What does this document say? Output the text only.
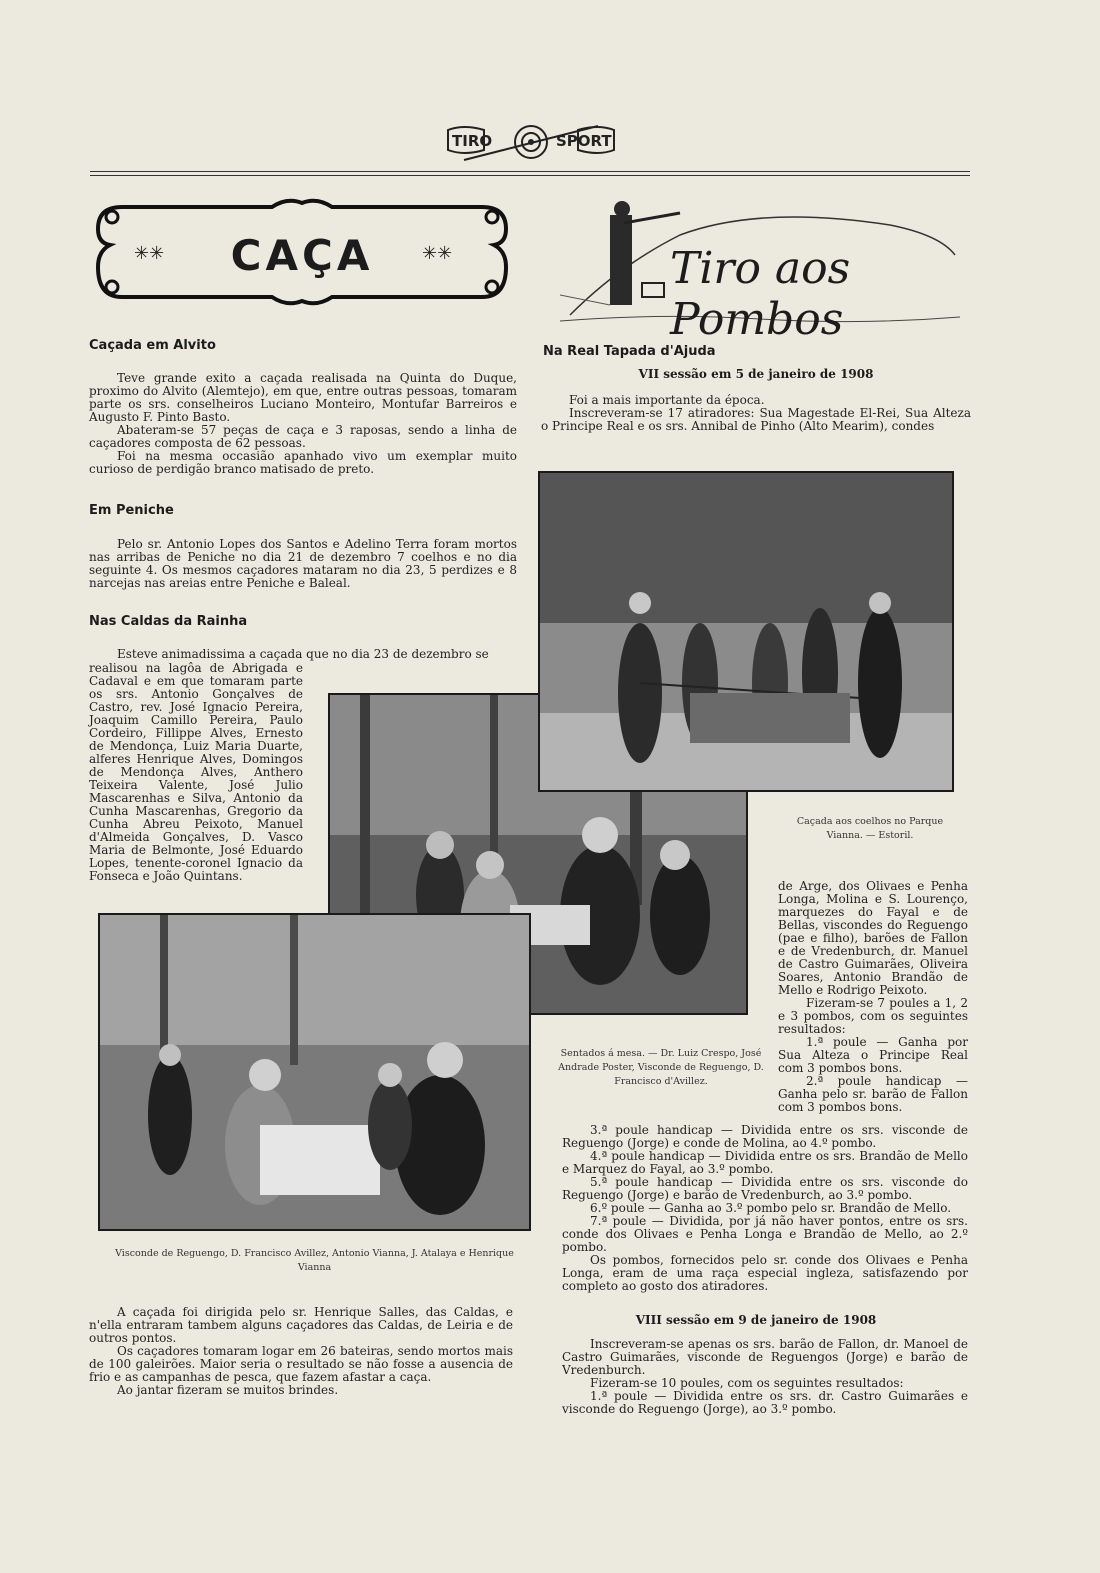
TIRO	SPORT
✳✳	✳✳
CAÇA	Tiro aos Pombos
Caçada em Alvito
Teve grande exito a caçada realisada na Quinta do Duque, proximo do Alvito (Alemtejo), em que, entre outras pessoas, tomaram parte os srs. conselheiros Luciano Monteiro, Montufar Barreiros e Augusto F. Pinto Basto.
Abateram-se 57 peças de caça e 3 raposas, sendo a linha de caçadores composta de 62 pessoas.
Foi na mesma occasião apanhado vivo um exemplar muito curioso de perdigão branco matisado de preto.
Em Peniche
Pelo sr. Antonio Lopes dos Santos e Adelino Terra foram mortos nas arribas de Peniche no dia 21 de dezembro 7 coelhos e no dia seguinte 4. Os mesmos caçadores mataram no dia 23, 5 perdizes e 8 narcejas nas areias entre Peniche e Baleal.
Nas Caldas da Rainha
Esteve animadissima a caçada que no dia 23 de dezembro se
realisou na lagôa de Abrigada e Cadaval e em que tomaram parte os srs. Antonio Gonçalves de Castro, rev. José Ignacio Pereira, Joaquim Camillo Pereira, Paulo Cordeiro, Fillippe Alves, Ernesto de Mendonça, Luiz Maria Duarte, alferes Henrique Alves, Domingos de Mendonça Alves, Anthero Teixeira Valente, José Julio Mascarenhas e Silva, Antonio da Cunha Mascarenhas, Gregorio da Cunha Abreu Peixoto, Manuel d'Almeida Gonçalves, D. Vasco Maria de Belmonte, José Eduardo Lopes, tenente-coronel Ignacio da Fonseca e João Quintans.
Visconde de Reguengo, D. Francisco Avillez, Antonio Vianna, J. Atalaya e Henrique Vianna
A caçada foi dirigida pelo sr. Henrique Salles, das Caldas, e n'ella entraram tambem alguns caçadores das Caldas, de Leiria e de outros pontos.
Os caçadores tomaram logar em 26 bateiras, sendo mortos mais de 100 galeirões. Maior seria o resultado se não fosse a ausencia de frio e as campanhas de pesca, que fazem afastar a caça.
Ao jantar fizeram se muitos brindes.
Na Real Tapada d'Ajuda
VII sessão em 5 de janeiro de 1908
Foi a mais importante da época.
Inscreveram-se 17 atiradores: Sua Magestade El-Rei, Sua Alteza o Principe Real e os srs. Annibal de Pinho (Alto Mearim), condes
Caçada aos coelhos no Parque Vianna. — Estoril.
Sentados á mesa. — Dr. Luiz Crespo, José Andrade Poster, Visconde de Reguengo, D. Francisco d'Avillez.
de Arge, dos Olivaes e Penha Longa, Molina e S. Lourenço, marquezes do Fayal e de Bellas, viscondes do Reguengo (pae e filho), barões de Fallon e de Vredenburch, dr. Manuel de Castro Guimarães, Oliveira Soares, Antonio Brandão de Mello e Rodrigo Peixoto.
Fizeram-se 7 poules a 1, 2 e 3 pombos, com os seguintes resultados:
1.ª poule — Ganha por Sua Alteza o Principe Real com 3 pombos bons.
2.ª poule handicap — Ganha pelo sr. barão de Fallon com 3 pombos bons.
3.ª poule handicap — Dividida entre os srs. visconde de Reguengo (Jorge) e conde de Molina, ao 4.º pombo.
4.ª poule handicap — Dividida entre os srs. Brandão de Mello e Marquez do Fayal, ao 3.º pombo.
5.ª poule handicap — Dividida entre os srs. visconde do Reguengo (Jorge) e barão de Vredenburch, ao 3.º pombo.
6.º poule — Ganha ao 3.º pombo pelo sr. Brandão de Mello.
7.ª poule — Dividida, por já não haver pontos, entre os srs. conde dos Olivaes e Penha Longa e Brandão de Mello, ao 2.º pombo.
Os pombos, fornecidos pelo sr. conde dos Olivaes e Penha Longa, eram de uma raça especial ingleza, satisfazendo por completo ao gosto dos atiradores.
VIII sessão em 9 de janeiro de 1908
Inscreveram-se apenas os srs. barão de Fallon, dr. Manoel de Castro Guimarães, visconde de Reguengos (Jorge) e barão de Vredenburch.
Fizeram-se 10 poules, com os seguintes resultados:
1.ª poule — Dividida entre os srs. dr. Castro Guimarães e visconde do Reguengo (Jorge), ao 3.º pombo.
